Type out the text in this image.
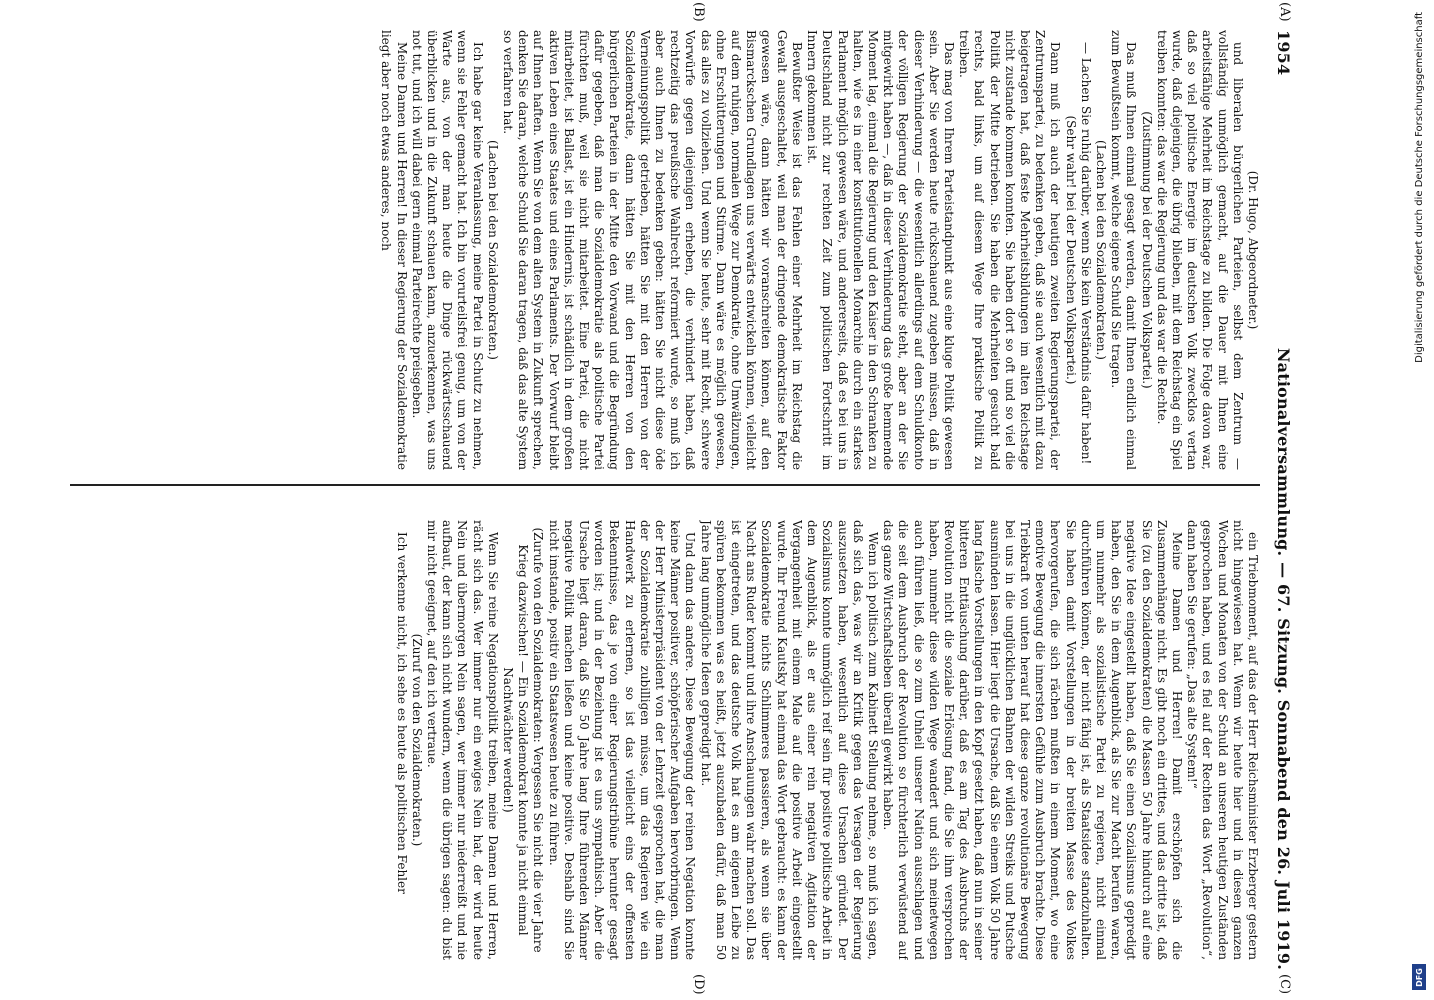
1954
Nationalversammlung. — 67. Sitzung. Sonnabend den 26. Juli 1919.
(A)
(C)
(B)
(D)

(Dr. Hugo, Abgeordneter.)

und liberalen bürgerlichen Parteien, selbst dem Zentrum — vollständig unmöglich gemacht, auf die Dauer mit Ihnen eine arbeitsfähige Mehrheit im Reichstage zu bilden. Die Folge davon war, daß so viel politische Energie im deutschen Volk zwecklos vertan wurde, daß diejenigen, die übrig blieben, mit dem Reichstag ein Spiel treiben konnten: das war die Regierung und das war die Rechte.

(Zustimmung bei der Deutschen Volkspartei.)

Das muß Ihnen einmal gesagt werden, damit Ihnen endlich einmal zum Bewußtsein kommt, welche eigene Schuld Sie tragen.

(Lachen bei den Sozialdemokraten.)

— Lachen Sie ruhig darüber, wenn Sie kein Verständnis dafür haben!

(Sehr wahr! bei der Deutschen Volkspartei.)

Dann muß ich auch der heutigen zweiten Regierungspartei, der Zentrumspartei, zu bedenken geben, daß sie auch wesentlich mit dazu beigetragen hat, daß feste Mehrheitsbildungen im alten Reichstage nicht zustande kommen konnten. Sie haben dort so oft und so viel die Politik der Mitte betrieben. Sie haben die Mehrheiten gesucht bald rechts, bald links, um auf diesem Wege Ihre praktische Politik zu treiben.

Das mag von Ihrem Parteistandpunkt aus eine kluge Politik gewesen sein. Aber Sie werden heute rückschauend zugeben müssen, daß in dieser Verhinderung — die wesentlich allerdings auf dem Schuldkonto der völligen Regierung der Sozialdemokratie steht, aber an der Sie mitgewirkt haben —, daß in dieser Verhinderung das große hemmende Moment lag, einmal die Regierung und den Kaiser in den Schranken zu halten, wie es in einer konstitutionellen Monarchie durch ein starkes Parlament möglich gewesen wäre, und andererseits, daß es bei uns in Deutschland nicht zur rechten Zeit zum politischen Fortschritt im Innern gekommen ist.

Bewußter Weise ist das Fehlen einer Mehrheit im Reichstag die Gewalt ausgeschaltet, weil man der dringende demokratische Faktor gewesen wäre, dann hätten wir voranschreiten können, auf den Bismarckschen Grundlagen uns verwärts entwickeln können, vielleicht auf dem ruhigen, normalen Wege zur Demokratie, ohne Umwälzungen, ohne Erschütterungen und Stürme. Dann wäre es möglich gewesen, das alles zu vollziehen. Und wenn Sie heute, sehr mit Recht, schwere Vorwürfe gegen diejenigen erheben, die verhindert haben, daß rechtzeitig das preußische Wahlrecht reformiert wurde, so muß ich aber auch Ihnen zu bedenken geben: hätten Sie nicht diese öde Verneinungspolitik getrieben, hätten Sie mit den Herren von der Sozialdemokratie, dann hätten Sie mit den Herren von den bürgerlichen Parteien in der Mitte den Vorwand und die Begründung dafür gegeben, daß man die Sozialdemokratie als politische Partei fürchten muß, weil sie nicht mitarbeitet. Eine Partei, die nicht mitarbeitet, ist Ballast, ist ein Hindernis, ist schädlich in dem großen aktiven Leben eines Staates und eines Parlaments. Der Vorwurf bleibt auf Ihnen haften. Wenn Sie von dem alten System in Zukunft sprechen, denken Sie daran, welche Schuld Sie daran tragen, daß das alte System so verfahren hat.

(Lachen bei den Sozialdemokraten.)

Ich habe gar keine Veranlassung, meine Partei in Schutz zu nehmen, wenn sie Fehler gemacht hat. Ich bin vorurteilsfrei genug, um von der Warte aus, von der man heute die Dinge rückwärtsschauend überblicken und in die Zukunft schauen kann, anzuerkennen, was uns not tut, und ich will dabei gern einmal Parteirechte preisgeben.

Meine Damen und Herren! In dieser Regierung der Sozialdemokratie liegt aber noch etwas anderes, noch

ein Triebmoment, auf das der Herr Reichsminister Erzberger gestern nicht hingewiesen hat. Wenn wir heute hier und in diesen ganzen Wochen und Monaten von der Schuld an unseren heutigen Zuständen gesprochen haben, und es fiel auf der Rechten das Wort „Revolution“, dann haben Sie gerufen: „Das alte System!“

Meine Damen und Herren! Damit erschöpfen sich die Zusammenhänge nicht. Es gibt noch ein drittes, und das dritte ist, daß Sie (zu den Sozialdemokraten) die Massen 50 Jahre hindurch auf eine negative Idee eingestellt haben, daß Sie einen Sozialismus gepredigt haben, den Sie in dem Augenblick, als Sie zur Macht berufen waren, um nunmehr als sozialistische Partei zu regieren, nicht einmal durchführen können, der nicht fähig ist, als Staatsidee standzuhalten. Sie haben damit Vorstellungen in der breiten Masse des Volkes hervorgerufen, die sich rächen mußten in einem Moment, wo eine emotive Bewegung die innersten Gefühle zum Ausbruch brachte. Diese Triebkraft von unten herauf hat diese ganze revolutionäre Bewegung bei uns in die unglücklichen Bahnen der wilden Streiks und Putsche ausmünden lassen. Hier liegt die Ursache, daß Sie einem Volk 50 Jahre lang falsche Vorstellungen in den Kopf gesetzt haben, daß nun in seiner bitteren Enttäuschung darüber, daß es am Tag des Ausbruchs der Revolution nicht die soziale Erlösung fand, die Sie ihm versprochen haben, nunmehr diese wilden Wege wandert und sich meinetwegen auch führen ließ, die so zum Unheil unserer Nation ausschlagen und die seit dem Ausbruch der Revolution so fürchterlich verwüstend auf das ganze Wirtschaftsleben überall gewirkt haben.

Wenn ich politisch zum Kabinett Stellung nehme, so muß ich sagen, daß sich das, was wir an Kritik gegen das Versagen der Regierung auszusetzen haben, wesentlich auf diese Ursachen gründet. Der Sozialismus konnte unmöglich reif sein für positive politische Arbeit in dem Augenblick, als er aus einer rein negativen Agitation der Vergangenheit mit einem Male auf die positive Arbeit eingestellt wurde. Ihr Freund Kautsky hat einmal das Wort gebraucht: es kann der Sozialdemokratie nichts Schlimmeres passieren, als wenn sie über Nacht ans Ruder kommt und ihre Anschauungen wahr machen soll. Das ist eingetreten, und das deutsche Volk hat es am eigenen Leibe zu spüren bekommen was es heißt, jetzt auszubaden dafür, daß man 50 Jahre lang unmögliche Ideen gepredigt hat.

Und dann das andere. Diese Bewegung der reinen Negation konnte keine Männer positiver, schöpferischer Aufgaben hervorbringen. Wenn der Herr Ministerpräsident von der Lehrzeit gesprochen hat, die man der Sozialdemokratie zubilligen müsse, um das Regieren wie ein Handwerk zu erlernen, so ist das vielleicht eins der offensten Bekenntnisse, das je von einer Regierungstribüne herunter gesagt worden ist; und in der Beziehung ist es uns sympathisch. Aber die Ursache liegt daran, daß Sie 50 Jahre lang Ihre führenden Männer negative Politik machen ließen und keine positive. Deshalb sind Sie nicht imstande, positiv ein Staatswesen heute zu führen.

(Zurufe von den Sozialdemokraten: Vergessen Sie nicht die vier Jahre Krieg dazwischen! — Ein Sozialdemokrat konnte ja nicht einmal Nachtwächter werden!)

Wenn Sie reine Negationspolitik treiben, meine Damen und Herren, rächt sich das. Wer immer nur ein ewiges Nein hat, der wird heute Nein und übermorgen Nein sagen, wer immer nur niederreißt und nie aufbaut, der kann sich nicht wundern, wenn die übrigen sagen: du bist mir nicht geeignet, auf den ich vertraue.

(Zuruf von den Sozialdemokraten.)

Ich verkenne nicht, ich sehe es heute als politischen Fehler

Digitalisierung gefördert durch die Deutsche Forschungsgemeinschaft
DFG
